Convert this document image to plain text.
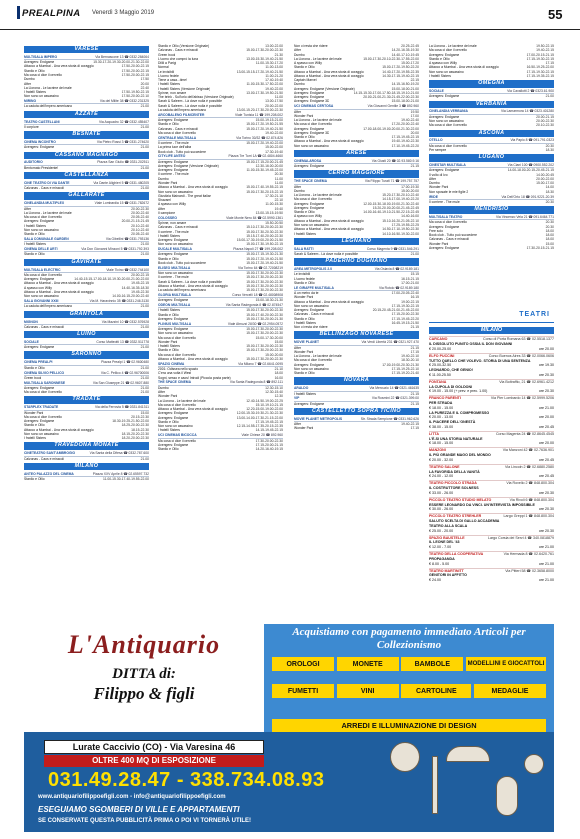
PREALPINA Venerdì 3 Maggio 2019	55
VARESE
MULTISALA IMPERO	Via Bernascone 13 ☎ 0332.284064
Avengers: Endgame	15.30-17.20-19.30-20.00-21.30-22.00
Attacco a Mumbai - Una vera storia di coraggio	17.50-20.00-22.15
Stanlio e Ollio	17.50-20.00-22.15
Ma cosa ci dice il cervello	17.50-20.00-22.15
Dumbo	17.50
After	20.00
La Llorona - Le lacrime del male	22.40
I fratelli Sisters	17.50-19.50-22.15
Non sono un assassino	17.50-20.00-22.10
MIRINO	Via del Milite 38 ☎ 0332.231325
La caduta dell'impero americano	21.00
AZZATE
TEATRO CASTELLANI	Via Acquadro 32 ☎ 0332.455407
Il corpiore	21.00
BESNATE
CINEMA INCONTRO	Via Pietro Rossi 3 ☎ 0331.274620
Avengers: Endgame	21.00
CASSANO MAGNAGO
AUDITORIO	Piazza San Giulio ☎ 0331.202511
Bentornato Presidente!	21.00
CASTELLANZA
CINE TEATRO DI VIA DANTE	Via Dante Alighieri 5 ☎ 0331.480205
Calzonas - Caos e miracoli	21.00
GALLARATE
CINELANDIA MULTIPLEX	Viale Lombardia 15 ☎ 0331.782672
After	20.00-22.30
La Llorona - Le lacrime del male	20.00-22.40
Ma cosa ci dice il cervello	20.05-22.40
Avengers: Endgame	20.00-21.15-21.45
I fratelli Sisters	20.10-22.40
Non sono un assassino	20.10-22.40
Stanlio e Ollio	20.05-22.40
SALA COMUNALE GARDEN	Via Gibellini ☎ 0331.793136
I fratelli Sisters	21.00
CINEMA DELLE ARTI	Via Don Giovanni Minzoni 5 ☎ 0331.792.393
Stanlio e Ollio	21.00
GAVIRATE
MULTISALA ELECTRIC	Viale Ticino ☎ 0332.744100
Ma cosa ci dice il cervello	20.00-22.15
Avengers: Endgame	14.40-15.15-17.00-18.10-19.30-20.00-21.00-22.00
Attacco a Mumbai - Una vera storia di coraggio	19.45-22.15
A spasso con Willy	14.40-16.35-18.30
Attacco a Mumbai - Una vera storia di coraggio	19.45-22.30
Non sono un assassino	14.00-16.15-20.00-22.40
SALA GIOVANNI XXIII	Via M. Haravinnio 35 ☎ 0331.246.3130
La caduta dell'impero americano	21.00
GRANTOLA
MIGNON	Via Mazzini 10 ☎ 0332.576928
Calzonas - Caos e miracoli	21.00
LUINO
SOCIALE	Corso Matteotti 13 ☎ 0332.511778
Avengers: Endgame	21.00
SARONNO
CINEMA PREALPI	Piazza Prealpi 1 ☎ 02.9600480
Stanlio e Ollio	21.00
CINEMA SILVIO PELLICO	Via C. Pellico 4 ☎ 02.96700006
Green book	21.00
MULTISALA SARONNESE	Via San Giuseppe 21 ☎ 02.9607.880
Avengers: Endgame	21.00
Ma cosa ci dice il cervello	21.00
TRADATE
STARPLEX TRADATE	Via della Ferrovia 5 ☎ 0331.841311
Wonder Park	15.00
Ma cosa ci dice il cervello	20.15-22.30
Avengers: Endgame	18.30-19.25-21.50-22.00
Stanlio e Ollio	18.25-20.00-22.30
Attacco a Mumbai - Una vera storia di coraggio	18.15-22.30
Non sono un assassino	18.15-20.20-22.30
I fratelli Sisters	18.20-20.00-22.30
TRAVEDONA MONATE
CINETEATRO SANT'AMBROGIO	Via Santa della Difesa ☎ 0332.787.600
Calzonas - Caos e miracoli	21.00
MILANO
ANTEO PALAZZO DEL CINEMA	Piazza XXV Aprile 8 ☎ 02.65597.732
Stanlio e Ollio	11.00-15.30-17.40-19.55-22.00
Stanlio e Ollio (Versione Originale)	13.00-22.00
Calzonas - Caos e miracoli	15.00-17.30-20.00-22.30
Green book	21.30
L'uomo che comprò la luna	13.00-15.30-19.40-21.50
Dilili a Parigi	11.00-15.30-17.20
Normal	11.00-13.00
Le invisibili	13.00-15.15-17.20-19.40-21.50
L'uomo fedele	11.00-21.20
Tiene a casa...time!	17.40-19.40
I fratelli Sisters	11.00-15.30-17.50-22.00
I fratelli Sisters (Versione Originale)	19.40-22.00
Spinne, non amare	13.00-17.30-19.50-21.50
The brink - Sull'orlo dell'abisso (Versione Originale)	11.00
Sarah & Saleem - Là dove nulla è possibile	13.00-17.50
Sarah & Saleem - Là dove nulla è possibile	20.00-22.00
La caduta dell'impero americano	13.00-15.20-17.30-20.00-22.30
ARCOBALENO FILMCENTER	Viale Tunisia 11 ☎ 199.208.002
Avengers: Endgame	15.00-19.15-21.00
Stanlio e Ollio	15.00-17.20-19.50-21.55
Calzonas - Caos e miracoli	15.00-17.20-19.40-21.50
Ma cosa ci dice il cervello	19.40-22.00
CENTRALE MULTISALA	Via Torino 30/32 ☎ 02.874.826
Il corriere - The mule	15.00-17.20-19.40-22.00
La prima luce dell'alba	15.00-22.00
Book club - Tutto può succedere	17.30-19.40
CITYLIFE ANTEO	Piazza Tre Torri 1A ☎ 02.4804.4660
Avengers: Endgame	15.00-17.15-20.00-21.45
Avengers: Endgame (Versione Originale)	12.30-16.00-20.00
Avengers: Endgame	11.00-15.30-19.45-22.00
Il corriere - The mule	20.30
Dumbo	11.00
Wonder Park	11.00
Attacco a Mumbai - Una vera storia di coraggio	15.00-17.40-19.55-22.15
Non sono un assassino	15.00-17.30-20.15-22.15
Giustizia Mainardi - The great italian	17.30-21.10
Shazam!	22.10
A spasso con Willy	11.00-15.30
After	19.40
Il campione	13.00-15.15-19.50
COLOSSEO	Viale Monte Nero 84 ☎ 02.5990.1361
Spinne, non amare	15.50-20.50
Calzonas - Caos e miracoli	15.10-17.30-20.00-22.30
Il corriere - The mule	15.00-17.30-20.30-22.30
I fratelli Sisters	15.15-17.40-20.00-22.30
Avengers: Endgame	15.00-17.30-19.00-20.00-21.50
Non sono un assassino	15.00-17.30-19.50-22.15
DUCALE MULTISALA	Piazza Napoli 27 ☎ 199.208.002
Avengers: Endgame	15.00-17.15-19.30-21.30
Stanlio e Ollio	15.00-17.20-19.40-21.50
Book club - Tutto può succedere	15.00-17.20-19.40-21.50
ELISEO MULTISALA	Via Torino 64 ☎ 02.72008219
Non sono un assassino	15.00-17.30-20.00-22.30
Il corriere - The mule	15.00-17.30-20.00-22.30
Sarah & Saleem - Là dove nulla è possibile	15.00-17.30-20.00-22.30
Attacco a Mumbai - Una vera storia di coraggio	15.00-17.30-20.00-22.30
La caduta dell'impero americano	15.00-17.30-20.00-22.30
GLORIA MULTISALA	Corso Vercelli 18 ☎ 02.48008908
Avengers: Endgame	15.00-18.30-21.30
ODEON MULTISALA	Via Santa Radegonda 8 ☎ 02.874547
I fratelli Sisters	15.00-17.30-20.00-22.30
Stanlio e Ollio	15.00-17.40-20.00-22.30
Avengers: Endgame	15.00-17.30-20.00-21.30
PLINIUS MULTISALA	Viale Abruzzi 28/30 ☎ 02.2954.0572
Avengers: Endgame	15.00-17.30-20.00-22.30
Non sono un assassino	15.00-17.30-20.00-22.30
Ma cosa ci dice il cervello	15.00-17.30-20.00
Wonder Park	15.00
I fratelli Sisters	15.00-17.30-20.00-22.30
Stanlio e Ollio	15.00-17.30-20.00-22.30
Ma cosa ci dice il cervello	15.00-20.00
Attacco a Mumbai - Una vera storia di coraggio	15.00-17.30-20.00-22.30
SPAZIO CINEMA	Via Milano 7 ☎ 02.6641.0095
2001: Odissea nello spazio	21.10
C'era una volta il West	18.00
Sogni, sesso e caos! Introdi (Piccola posta parte)	16.00
THE SPACE CINEMA	Via Santa Radegonda 8 ☎ 892.111
Dumbo	12.30-15.10
After	12.30-15.40
Wonder Park	12.30
La Llorona - Le lacrime del male	12.40-14.50-19.00-22.25
Ma cosa ci dice il cervello	15.10-19.10-21.15
Attacco a Mumbai - Una vera storia di coraggio	12.20-15.00-19.00-22.00
Avengers: Endgame	12.00-15.30-19.30-21.30-22.30
Avengers: Endgame	13.00-14.00-17.30-21.15-22.00
Stanlio e Ollio	17.15-19.45-22.15
Non sono un assassino	12.15-14.55-17.35-20.15-22.35
I fratelli Sisters	14.15-19.45-22.15
UCI CINEMAS BICOCCA	Viale Chiese 20 ☎ 892.960
Ma cosa ci dice il cervello	17.30-20.00-22.30
Avengers: Endgame	17.15-20.00-21.15
Stanlio e Ollio	14.20-16.40-19.15
Non ci resta che ridere	20.25-22.45
After	14.20-16.35-19.30
Dumbo	14.40-17.10-19.45
La Llorona - Le lacrime del male	15.00-17.30-20.10-22.30-17.55-22.00
A spasso con Willy	15.00-17.20
Stanlio e Ollio	15.00-17.20-19.50-22.20
Attacco a Mumbai - Una vera storia di coraggio	14.40-17.20-19.55-22.35
Attacco a Mumbai - Una vera storia di coraggio	14.30-17.15-19.40-22.15
Captain Marvel	22.15
Dumbo	14.15-16.50-19.20
Avengers: Endgame (Versione Originale)	15.00-18.00-21.00
Avengers: Endgame	14.15-15.30-17.00-17.50-18.15-19.10-21.00
Avengers: Endgame	20.00-21.00-21.30-21.45-22.00-22.30
Avengers: Endgame 3D	15.00-18.00-21.00
UCI CINEMAS CERTOSA	Via Giovanni Gentile 3 ☎ 892.960
After	19.50
Wonder Park	17.00
La Llorona - Le lacrime del male	19.40-22.40
Ma cosa ci dice il cervello	17.20-20.00-22.40
Avengers: Endgame	17.00-18.00-19.00-20.00-21.30-22.00
Avengers: Endgame 3D	20.00
Stanlio e Ollio	17.15-19.45-22.15
Attacco a Mumbai - Una vera storia di coraggio	19.40-19.40-22.30
Non sono un assassino	17.10-19.45-22.20
ARESE
CINEMALAROSA	Via Giusti 20 ☎ 02.93.580.9.16
Avengers: Endgame	21.15
CERRO MAGGIORE
THE SPACE CINEMA	Via Filippo Turati 71 ☎ 199.757.757
After	17.00-19.30
Dumbo	15.00-20.00
La Llorona - Le lacrime del male	15.20-17.30-20.10-22.40
Ma cosa ci dice il cervello	14.15-17.00-19.40-22.20
Avengers: Endgame	12.00-15.30-18.00-19.00-21.30-22.40
Avengers: Endgame	15.20-20.00-20.00-21.45-22.45
Stanlio e Ollio	14.00-16.40-19.10-21.50-22.15-22.45
A spasso con Willy	14.40-16.00
Attacco a Mumbai - Una vera storia di coraggio	15.10-16.20-21.05-22.10
Non sono un assassino	17.25-19.55-22.25
Attacco a Mumbai - Una vera storia di coraggio	14.50-17.10-19.50-22.30
I fratelli Sisters	14.10-16.50-19.30-22.00
LEGNANO
SALA RATTI	Corso Magenta 9 ☎ 0331.546.291
Sarah & Saleem - Là dove nulla è possibile	21.00
PADERNO DUGNANO
AREA METROPOLIS 2.0	Via Oslavia 8 ☎ 02.9189.181
Le invisibili	15.15
L'uomo fedele	16.15-21.15
Stanlio e Ollio	17.00-21.00
LE GIRAFFE MULTISALA	Via Rotolo ☎ 02.9189.180
A un metro da te	17.00-20.05-22.40
Wonder Park	16.15
Attacco a Mumbai - Una vera storia di coraggio	19.00-22.15
Non sono un assassino	17.15-19.30-22.15
Avengers: Endgame	20.15-20.45-21.00-21.45-22.00
Calzonas - Caos e miracoli	17.15-20.00-22.30
Stanlio e Ollio	17.15-19.45-22.20
I fratelli Sisters	16.45-19.15-21.50
Non ci resta che ridere	21.15
BELLINZAGO NOVARESE
MOVIE PLANET	Via Verdi Libertà 231 ☎ 0321.927.470
After	21.15
Wonder Park	17.15
La Llorona - Le lacrime del male	19.40-22.10
Ma cosa ci dice il cervello	18.30-20.10
Avengers: Endgame	17.00-19.00-20.30-21.30
Non sono un assassino	17.15-19.25-22.10
Stanlio e Ollio	17.15-19.20-21.40
NOVARA
ARALDO	Via Mercuzio 14 ☎ 0321.461635
I fratelli Sisters	21.15
VIP	Via Rosmini 22 ☎ 0321.399.00
Avengers: Endgame	21.15
CASTELLETTO SOPRA TICINO
MOVIE PLANET METROPOLIS	Str. Strada Sempione ☎ 0331.962.626
After	19.40-22.15
Wonder Park	17.15
La Llorona - Le lacrime del male	19.50-22.15
Ma cosa ci dice il cervello	19.40-22.15
Avengers: Endgame	17.00-20.15-21.15
Stanlio e Ollio	17.15-19.30-22.15
A spasso con Willy	17.15
Attacco a Mumbai - Una vera storia di coraggio	16.50-19.25-22.00
Non sono un assassino	17.15-19.30-22.15
I fratelli Sisters	17.15-19.35-22.15
OMEGNA
SOCIALE	Via Cavallotti 2 ☎ 0323.61.900
Avengers: Endgame	21.00
VERBANIA
CINELANDIA VERBANIA	Via Lamarmora 14 ☎ 0323.401280
Avengers: Endgame	20.00-21.15
Non sono un assassino	20.00-22.30
Ma cosa ci dice il cervello	20.10-22.30
ASCONA
OTELLO	Via Papio 8 ☎ 091.791.0323
Ma cosa ci dice il cervello	20.30
Per sempre	18.30
LUGANO
CINESTAR MULTISALA	Via Ciani 100 ☎ 0900.552.202
Avengers: Endgame	14.00-18.00-20.15-20.45-21.15
Il volto di Ivo	14.00-20.45
After	20.00-22.00
Dumbo	15.00-17.00
Wonder Park	14.00
Non sposate le mie figlie 2	18.30
IRIDE	Via Dell'Orto 18 ☎ 091.9221.20.39
Il corriere - The mule	20.30
MENDRISIO
MULTISALA TEATRO	Via Vincenzo Vela 21 ☎ 091.6464.771
Ma cosa ci dice il cervello	20.30
Avengers: Endgame	20.30
Free solo	18.00
Book club - Tutto può succedere	18.00
Calzonas - Caos e miracoli	18.00
Wonder Park	15.00
Avengers: Endgame	17.30-20.15-21.15
TEATRI
MILANO
CARCANO	Corso di Porta Romana 63 ☎ 02.5518.1377
IL DISSOLUTO PUNITO OSSIA IL DON GIOVANNI
€ 20.00-25.00	ore 20.00
ELFO PUCCINI	Corso Buenos Aires 33 ☎ 02.0066.0606
TUTTO QUELLO CHE VOLEVO. STORIA DI UNA SENTENZA
€ 25.00-32.50	ore 19.30
LEONARDO, CHE GENIO!
€ 11.00-25.50	ore 20.30
FONTANA	Via Boltraffio, 21 ☎ 02.6961.4212
LA CUPOLA DI GOLDONI
€ 19.00 - 15.00 (+ prev. e prec. 1.00)	ore 20.30
FRANCO PARENTI	Via Pier Lombardo 14 ☎ 02.5999.5206
PER STRADA
€ 18.00 - 15.00	ore 21.00
LA PUREZZA E IL COMPROMESSO
€ 20.00 - 13.00	ore 20.00
IL PIACERE DELL'ONESTÀ
€ 38.00 - 15.00	ore 20.45
LITTA	Corso Magenta 24 ☎ 02.8645.4545
L'È-SI UNA STORIA NATURALE
€ 18.00 - 15.00	ore 20.00
MANZONI	Via Manzoni 42 ☎ 02.7636.901
IL PIÙ GRANDE MAGO DEL MONDO
€ 20.00 - 32.00	ore 20.45
TEATRO SALONE	Via Lincoln 2 ☎ 02.6880.2580
LA FAVORIDA DELLA VANITÀ
€ 24.00 - 12.00	ore 20.45
TEATRO PICCOLO STRADA	Via Rovello 2 ☎ 848.800.304
IL COSTRUTTORE SOLNESS
€ 33.00 - 26.00	ore 20.30
PICCOLO TEATRO STUDIO MELATO	Via Rivoli 6 ☎ 848.800.304
ESSERE LEONARDO DA VINCI. UN'INTERVISTA IMPOSSIBILE
€ 30.00 - 26.00	ore 20.30
PICCOLO TEATRO STREHLER	Largo Greppi 1 ☎ 848.800.304
SALUTO SCELTA DI GALLO ACCADEMIA
TEATRO ALLA SCALA
€ 25.00 - 20.00	ore 20.30
SPAZIO BAUSTELLE	Largo Corsia dei Servi 4 ☎ 340.0818879
IL LEONE DEL '43
€ 12.00 - 7.00	ore 21.00
TEATRO DELLA COOPERATIVA	Via Hermada 8 ☎ 02.6420.761
PROPAGANDA
€ 8.00 - 5.00	ore 21.00
TEATRO MARTINITT	Via Pitteri 58 ☎ 02.3658.8000
GENITORI IN AFFITTO
€ 24.00	ore 21.00
L'Antiquario
DITTA di:
Filippo & figli
Acquistiamo con pagamento immediato Articoli per Collezionismo
OROLOGI	MONETE	BAMBOLE	MODELLINI E GIOCATTOLI
FUMETTI	VINI	CARTOLINE	MEDAGLIE
ARREDI E ILLUMINAZIONE DI DESIGN
Lurate Caccivio (CO) - Via Varesina 46
OLTRE 400 MQ DI ESPOSIZIONE
031.49.28.47 - 338.734.08.93
www.antiquariofilippoefigli.com - info@antiquariofilippoefigli.com
ESEGUIAMO SGOMBERI DI VILLE E APPARTAMENTI
SE CONSERVATE QUESTA PUBBLICITÀ PRIMA O POI VI TORNERÀ UTILE!
